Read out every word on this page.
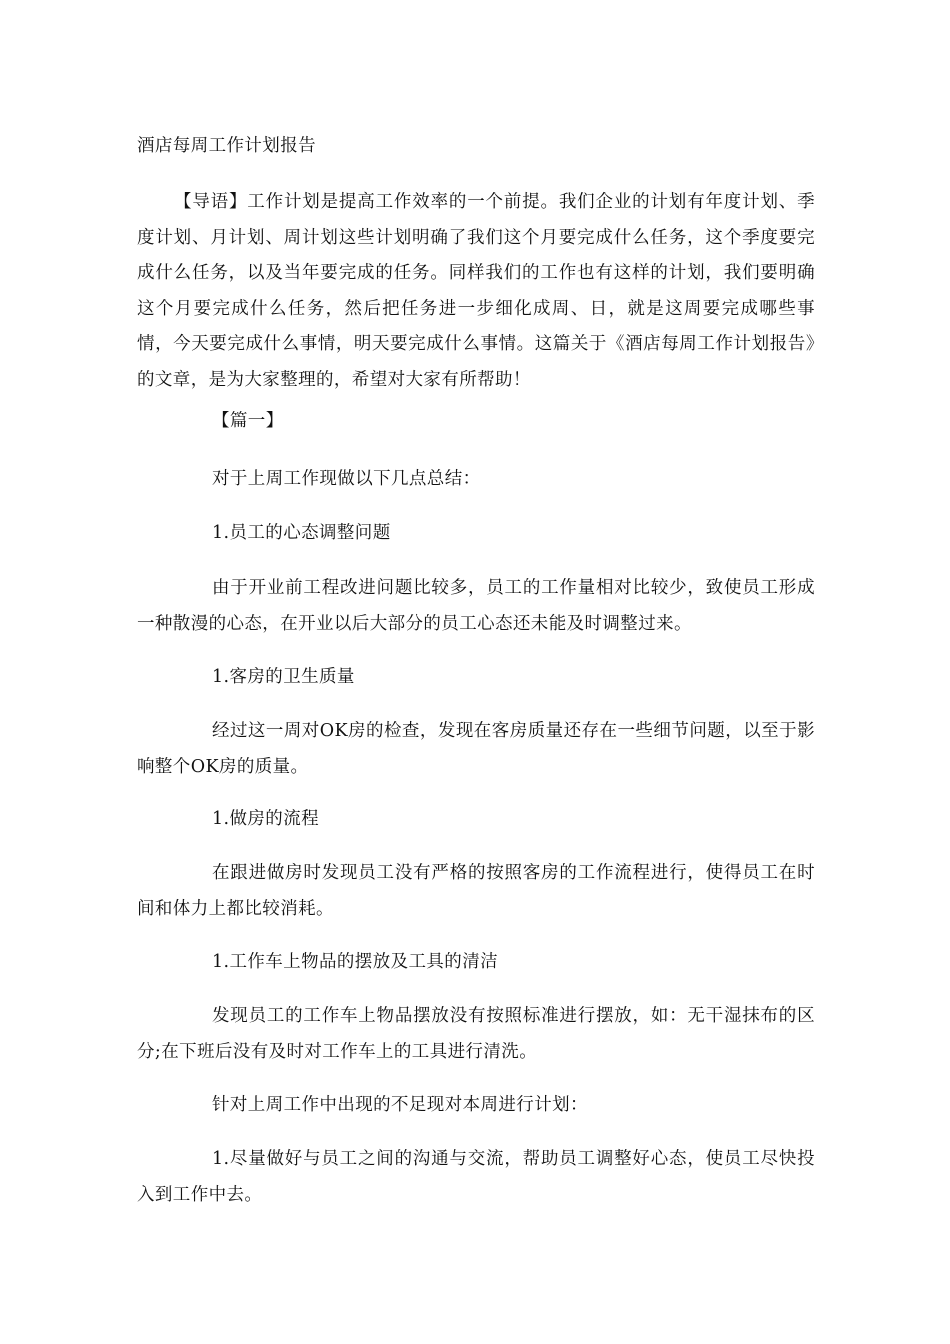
酒店每周工作计划报告

【导语】工作计划是提高工作效率的一个前提。我们企业的计划有年度计划、季度计划、月计划、周计划这些计划明确了我们这个月要完成什么任务，这个季度要完成什么任务，以及当年要完成的任务。同样我们的工作也有这样的计划，我们要明确这个月要完成什么任务，然后把任务进一步细化成周、日，就是这周要完成哪些事情，今天要完成什么事情，明天要完成什么事情。这篇关于《酒店每周工作计划报告》的文章，是为大家整理的，希望对大家有所帮助！

【篇一】

对于上周工作现做以下几点总结：

1.员工的心态调整问题

由于开业前工程改进问题比较多，员工的工作量相对比较少，致使员工形成一种散漫的心态，在开业以后大部分的员工心态还未能及时调整过来。

1.客房的卫生质量

经过这一周对OK房的检查，发现在客房质量还存在一些细节问题，以至于影响整个OK房的质量。

1.做房的流程

在跟进做房时发现员工没有严格的按照客房的工作流程进行，使得员工在时间和体力上都比较消耗。

1.工作车上物品的摆放及工具的清洁

发现员工的工作车上物品摆放没有按照标准进行摆放，如：无干湿抹布的区分;在下班后没有及时对工作车上的工具进行清洗。

针对上周工作中出现的不足现对本周进行计划：

1.尽量做好与员工之间的沟通与交流，帮助员工调整好心态，使员工尽快投入到工作中去。
